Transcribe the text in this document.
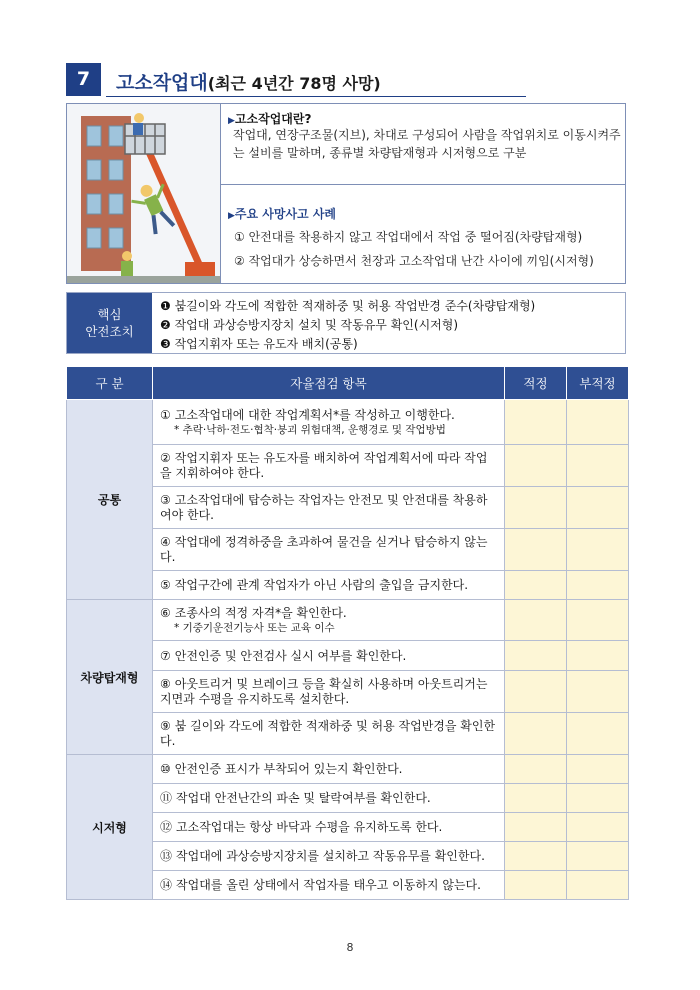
7	고소작업대(최근 4년간 78명 사망)
▶고소작업대란?
작업대, 연장구조물(지브), 차대로 구성되어 사람을 작업위치로 이동시켜주는 설비를 말하며, 종류별 차량탑재형과 시저형으로 구분
▶주요 사망사고 사례
① 안전대를 착용하지 않고 작업대에서 작업 중 떨어짐(차량탑재형)
② 작업대가 상승하면서 천장과 고소작업대 난간 사이에 끼임(시저형)
핵심
안전조치
❶ 붐길이와 각도에 적합한 적재하중 및 허용 작업반경 준수(차량탑재형)
❷ 작업대 과상승방지장치 설치 및 작동유무 확인(시저형)
❸ 작업지휘자 또는 유도자 배치(공통)
구 분	자율점검 항목	적정	부적정
공통	① 고소작업대에 대한 작업계획서*를 작성하고 이행한다.
* 추락·낙하·전도·협착·붕괴 위험대책, 운행경로 및 작업방법		

	② 작업지휘자 또는 유도자를 배치하여 작업계획서에 따라 작업을 지휘하여야 한다.		
	③ 고소작업대에 탑승하는 작업자는 안전모 및 안전대를 착용하여야 한다.		
	④ 작업대에 정격하중을 초과하여 물건을 싣거나 탑승하지 않는다.		
	⑤ 작업구간에 관계 작업자가 아닌 사람의 출입을 금지한다.		
차량탑재형	⑥ 조종사의 적정 자격*을 확인한다.
* 기중기운전기능사 또는 교육 이수		

	⑦ 안전인증 및 안전검사 실시 여부를 확인한다.		
	⑧ 아웃트리거 및 브레이크 등을 확실히 사용하며 아웃트리거는 지면과 수평을 유지하도록 설치한다.		
	⑨ 붐 길이와 각도에 적합한 적재하중 및 허용 작업반경을 확인한다.		
시저형	⑩ 안전인증 표시가 부착되어 있는지 확인한다.		
	⑪ 작업대 안전난간의 파손 및 탈락여부를 확인한다.		
	⑫ 고소작업대는 항상 바닥과 수평을 유지하도록 한다.		
	⑬ 작업대에 과상승방지장치를 설치하고 작동유무를 확인한다.		
	⑭ 작업대를 올린 상태에서 작업자를 태우고 이동하지 않는다.		
8
